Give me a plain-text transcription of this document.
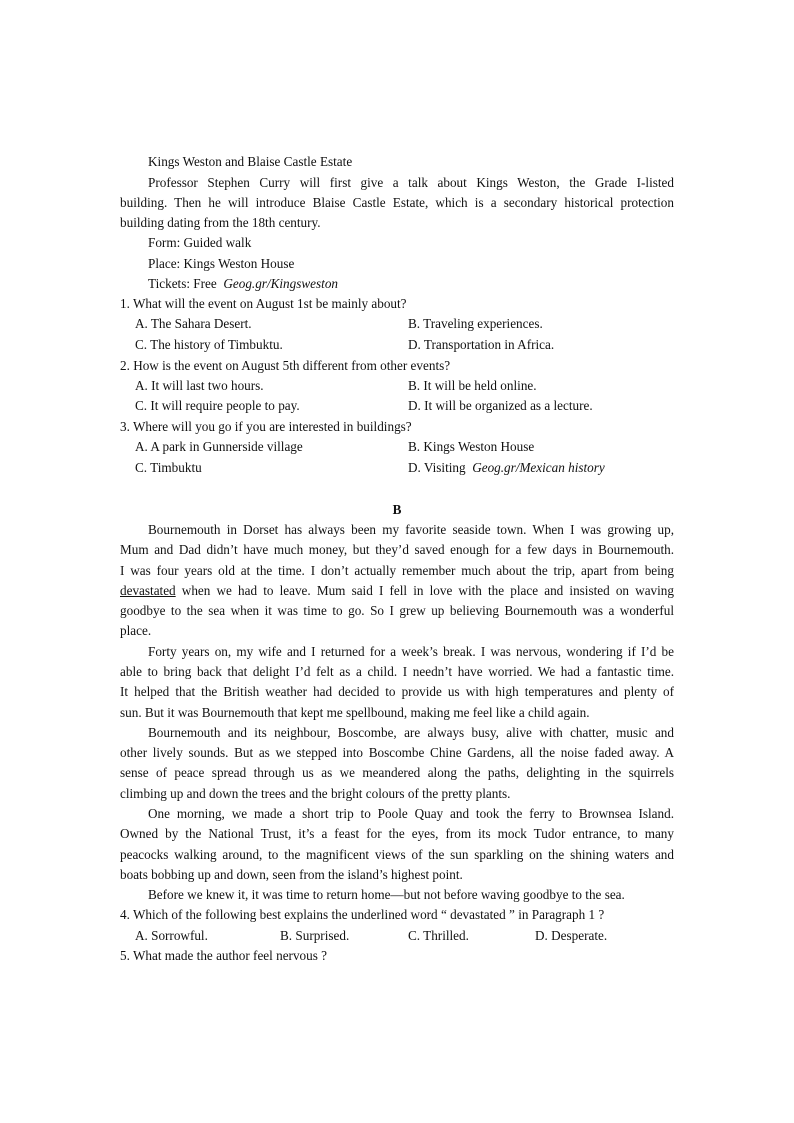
Kings Weston and Blaise Castle Estate
Professor Stephen Curry will first give a talk about Kings Weston, the Grade I-listed
building. Then he will introduce Blaise Castle Estate, which is a secondary historical protection
building dating from the 18th century.
Form: Guided walk
Place: Kings Weston House
Tickets: Free Geog.gr/Kingsweston
1. What will the event on August 1st be mainly about?
A. The Sahara Desert.	B. Traveling experiences.
C. The history of Timbuktu.	D. Transportation in Africa.
2. How is the event on August 5th different from other events?
A. It will last two hours.	B. It will be held online.
C. It will require people to pay.	D. It will be organized as a lecture.
3. Where will you go if you are interested in buildings?
A. A park in Gunnerside village	B. Kings Weston House
C. Timbuktu	D. Visiting Geog.gr/Mexican history
B
Bournemouth in Dorset has always been my favorite seaside town. When I was growing up,
Mum and Dad didn’t have much money, but they’d saved enough for a few days in Bournemouth.
I was four years old at the time. I don’t actually remember much about the trip, apart from being
devastated when we had to leave. Mum said I fell in love with the place and insisted on waving
goodbye to the sea when it was time to go. So I grew up believing Bournemouth was a wonderful
place.
Forty years on, my wife and I returned for a week’s break. I was nervous, wondering if I’d be
able to bring back that delight I’d felt as a child. I needn’t have worried. We had a fantastic time.
It helped that the British weather had decided to provide us with high temperatures and plenty of
sun. But it was Bournemouth that kept me spellbound, making me feel like a child again.
Bournemouth and its neighbour, Boscombe, are always busy, alive with chatter, music and
other lively sounds. But as we stepped into Boscombe Chine Gardens, all the noise faded away. A
sense of peace spread through us as we meandered along the paths, delighting in the squirrels
climbing up and down the trees and the bright colours of the pretty plants.
One morning, we made a short trip to Poole Quay and took the ferry to Brownsea Island.
Owned by the National Trust, it’s a feast for the eyes, from its mock Tudor entrance, to many
peacocks walking around, to the magnificent views of the sun sparkling on the shining waters and
boats bobbing up and down, seen from the island’s highest point.
Before we knew it, it was time to return home—but not before waving goodbye to the sea.
4. Which of the following best explains the underlined word “ devastated ” in Paragraph 1 ?
A. Sorrowful.	B. Surprised.	C. Thrilled.	D. Desperate.
5. What made the author feel nervous ?
